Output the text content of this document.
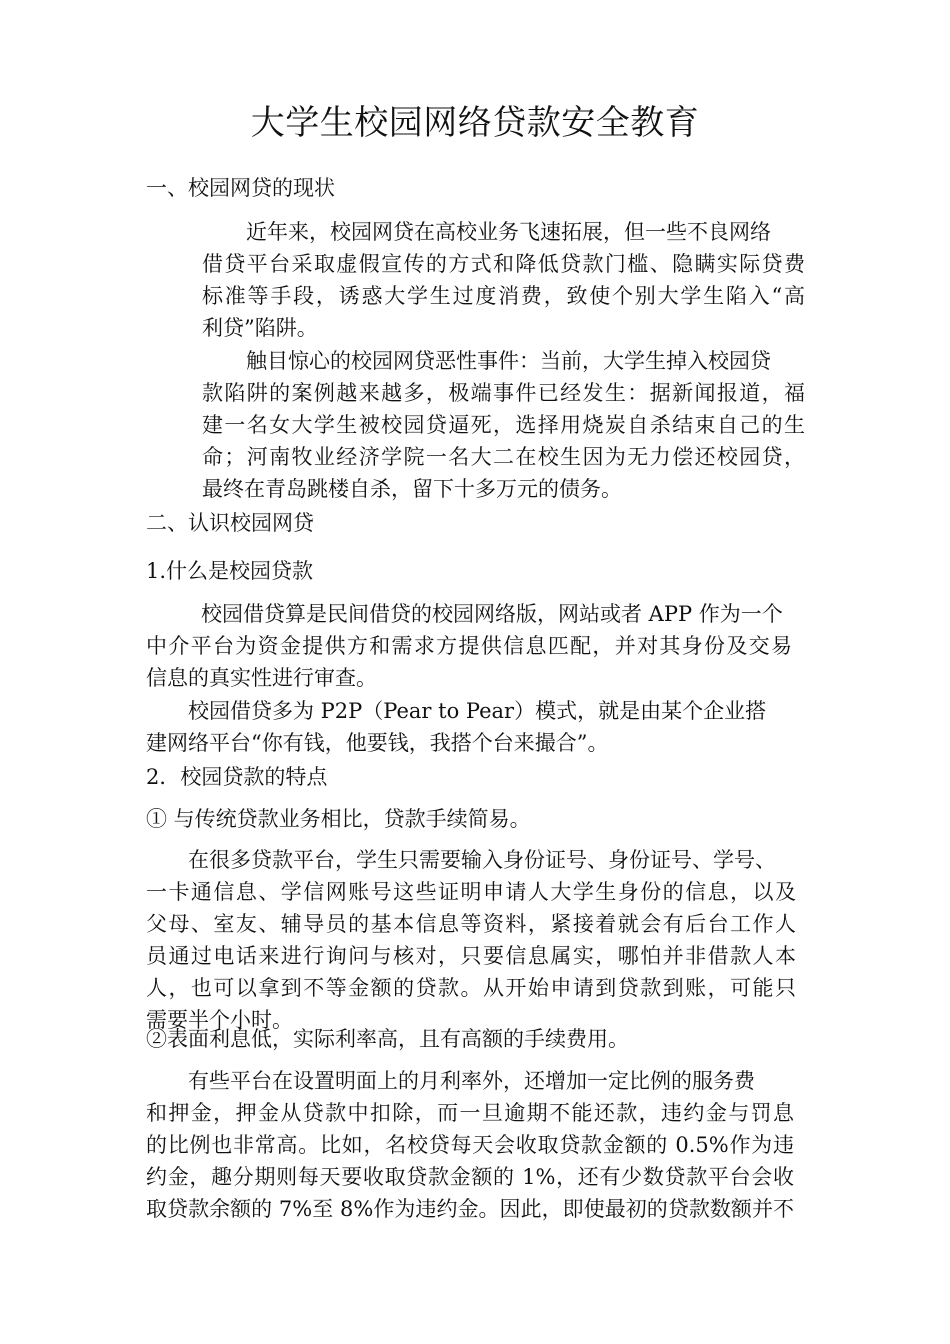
大学生校园网络贷款安全教育
一、校园网贷的现状
近年来，校园网贷在高校业务飞速拓展，但一些不良网络
借贷平台采取虚假宣传的方式和降低贷款门槛、隐瞒实际贷费
标准等手段，诱惑大学生过度消费，致使个别大学生陷入“高
利贷”陷阱。
触目惊心的校园网贷恶性事件：当前，大学生掉入校园贷
款陷阱的案例越来越多，极端事件已经发生：据新闻报道，福
建一名女大学生被校园贷逼死，选择用烧炭自杀结束自己的生
命；河南牧业经济学院一名大二在校生因为无力偿还校园贷，
最终在青岛跳楼自杀，留下十多万元的债务。
二、认识校园网贷
1.什么是校园贷款
校园借贷算是民间借贷的校园网络版，网站或者 APP 作为一个
中介平台为资金提供方和需求方提供信息匹配，并对其身份及交易
信息的真实性进行审查。
校园借贷多为 P2P（Pear to Pear）模式，就是由某个企业搭
建网络平台“你有钱，他要钱，我搭个台来撮合”。
2．校园贷款的特点
① 与传统贷款业务相比，贷款手续简易。
在很多贷款平台，学生只需要输入身份证号、身份证号、学号、
一卡通信息、学信网账号这些证明申请人大学生身份的信息，以及
父母、室友、辅导员的基本信息等资料，紧接着就会有后台工作人
员通过电话来进行询问与核对，只要信息属实，哪怕并非借款人本
人，也可以拿到不等金额的贷款。从开始申请到贷款到账，可能只
需要半个小时。
②表面利息低，实际利率高，且有高额的手续费用。
有些平台在设置明面上的月利率外，还增加一定比例的服务费
和押金，押金从贷款中扣除，而一旦逾期不能还款，违约金与罚息
的比例也非常高。比如，名校贷每天会收取贷款金额的 0.5%作为违
约金，趣分期则每天要收取贷款金额的 1%，还有少数贷款平台会收
取贷款余额的 7%至 8%作为违约金。因此，即使最初的贷款数额并不
